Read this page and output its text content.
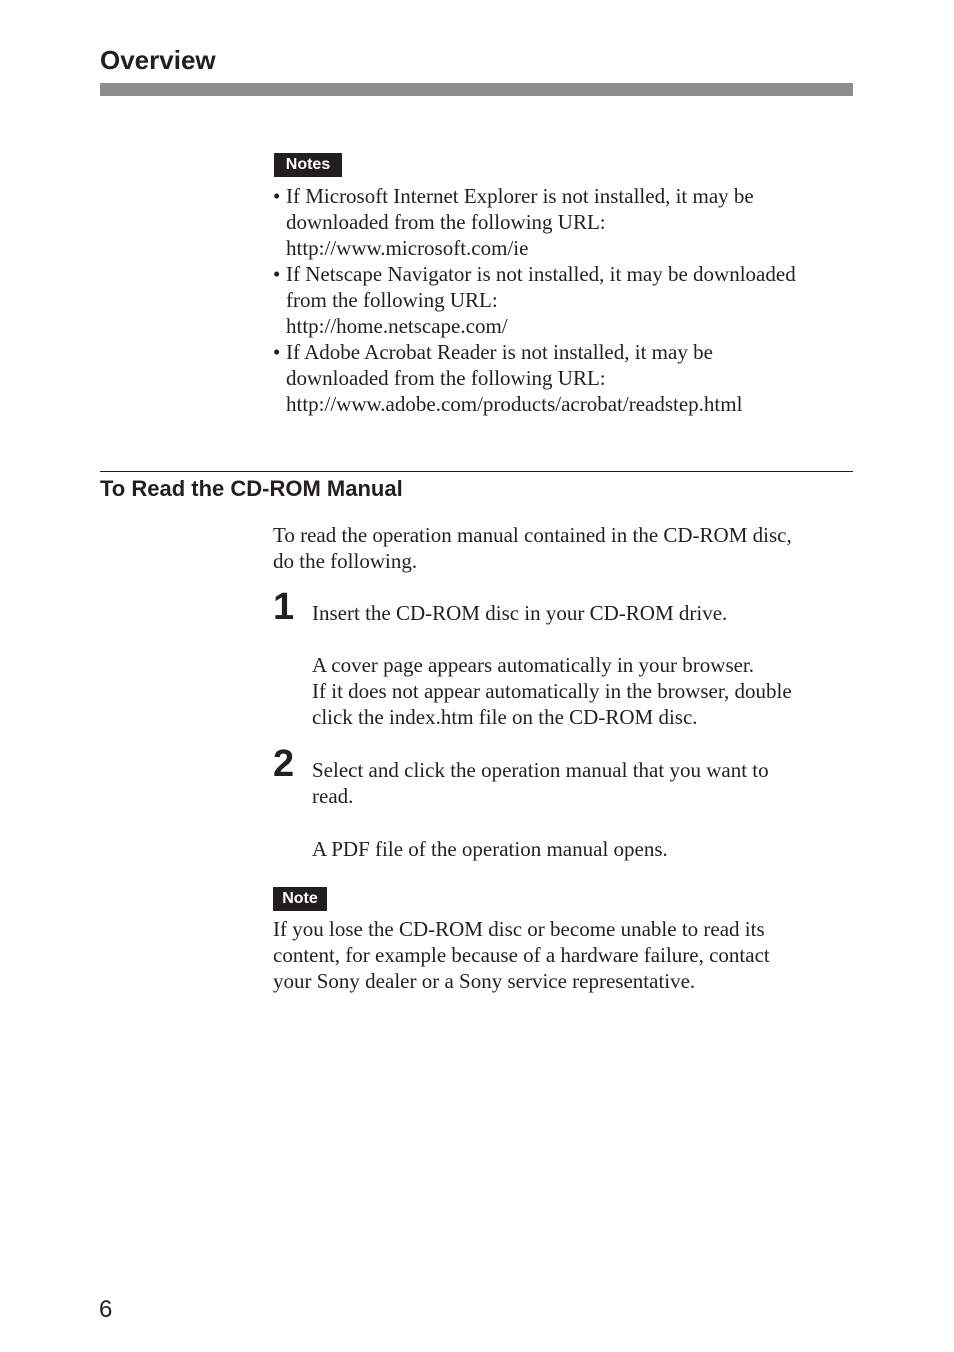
Overview
Notes
• If Microsoft Internet Explorer is not installed, it may be
downloaded from the following URL:
http://www.microsoft.com/ie
• If Netscape Navigator is not installed, it may be downloaded
from the following URL:
http://home.netscape.com/
• If Adobe Acrobat Reader is not installed, it may be
downloaded from the following URL:
http://www.adobe.com/products/acrobat/readstep.html
To Read the CD-ROM Manual

To read the operation manual contained in the CD-ROM disc,
do the following.

1 Insert the CD-ROM disc in your CD-ROM drive.

A cover page appears automatically in your browser.
If it does not appear automatically in the browser, double
click the index.htm file on the CD-ROM disc.

2 Select and click the operation manual that you want to
read.

A PDF file of the operation manual opens.

Note

If you lose the CD-ROM disc or become unable to read its
content, for example because of a hardware failure, contact
your Sony dealer or a Sony service representative.

6
